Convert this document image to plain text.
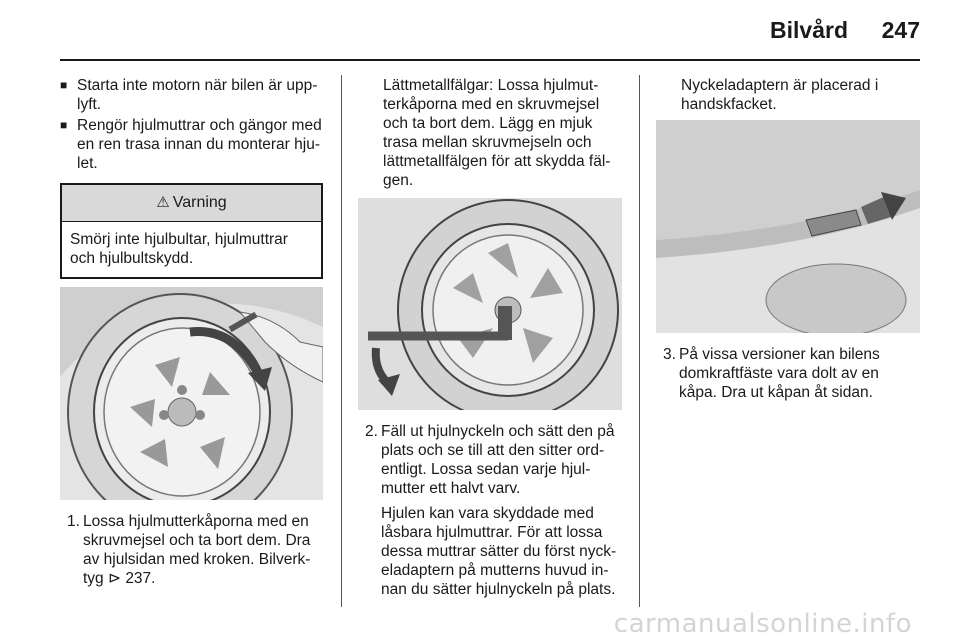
Bilvård 247
■ Starta inte motorn när bilen är upp-lyft.
■ Rengör hjulmuttrar och gängor med en ren trasa innan du monterar hju-let.
⚠ Varning
Smörj inte hjulbultar, hjulmuttrar och hjulbultskydd.
1. Lossa hjulmutterkåporna med en skruvmejsel och ta bort dem. Dra av hjulsidan med kroken. Bilverk-tyg ⊳ 237.
Lättmetallfälgar: Lossa hjulmut-terkåporna med en skruvmejsel och ta bort dem. Lägg en mjuk trasa mellan skruvmejseln och lättmetallfälgen för att skydda fäl-gen.
2. Fäll ut hjulnyckeln och sätt den på plats och se till att den sitter ord-entligt. Lossa sedan varje hjul-mutter ett halvt varv.
Hjulen kan vara skyddade med låsbara hjulmuttrar. För att lossa dessa muttrar sätter du först nyck-eladaptern på mutterns huvud in-nan du sätter hjulnyckeln på plats.
Nyckeladaptern är placerad i handskfacket.
3. På vissa versioner kan bilens domkraftfäste vara dolt av en kåpa. Dra ut kåpan åt sidan.
carmanualsonline.info
